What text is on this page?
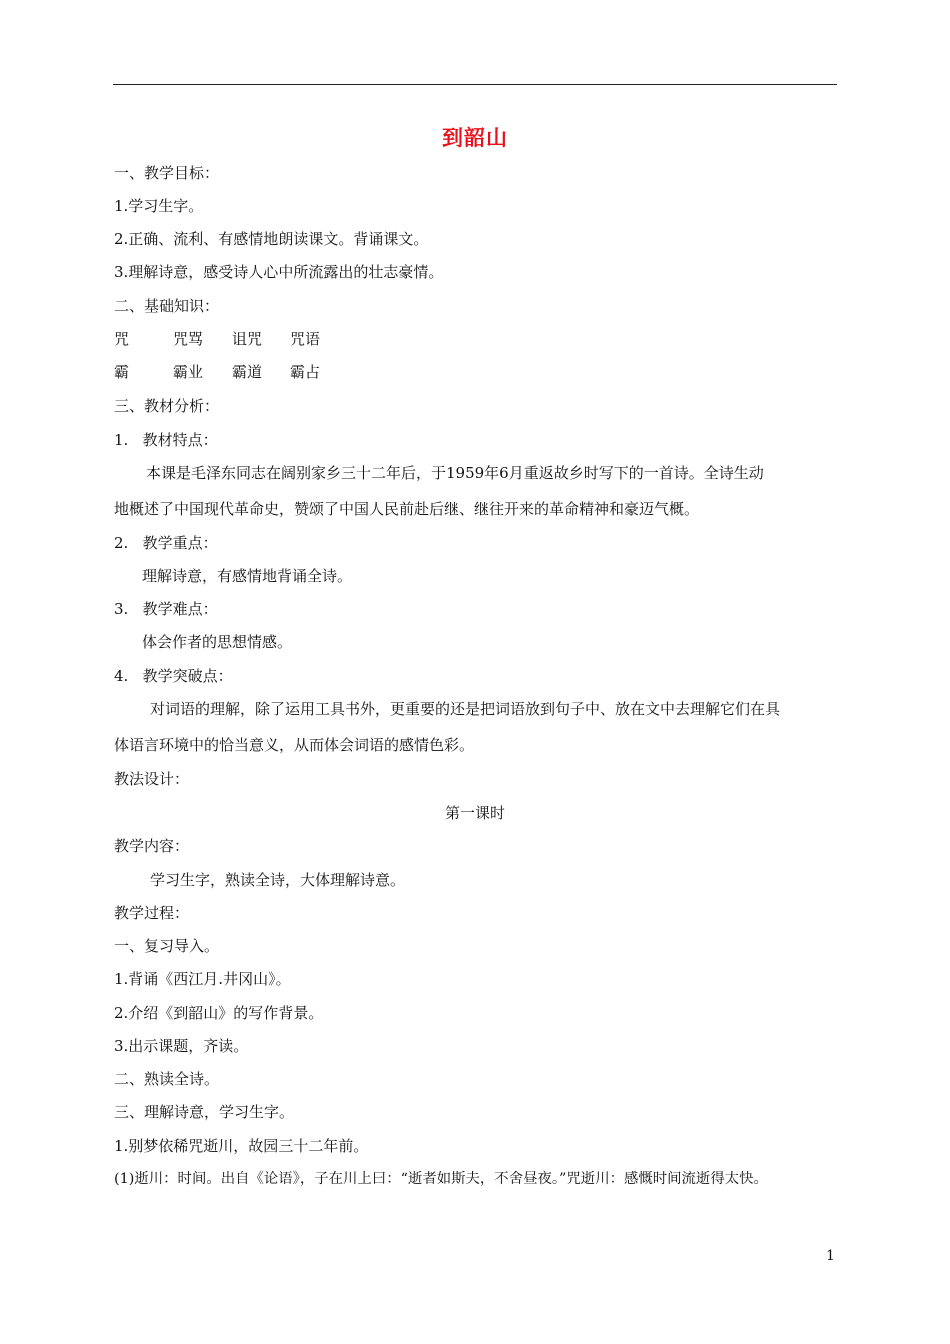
到韶山
一、教学目标：
1.学习生字。
2.正确、流利、有感情地朗读课文。背诵课文。
3.理解诗意，感受诗人心中所流露出的壮志豪情。
二、基础知识：
咒	咒骂 诅咒 咒语
霸	霸业 霸道 霸占
三、教材分析：
1.   教材特点：
本课是毛泽东同志在阔别家乡三十二年后，于1959年6月重返故乡时写下的一首诗。全诗生动
地概述了中国现代革命史，赞颂了中国人民前赴后继、继往开来的革命精神和豪迈气概。
2.   教学重点：
理解诗意，有感情地背诵全诗。
3.   教学难点：
体会作者的思想情感。
4.   教学突破点：
对词语的理解，除了运用工具书外，更重要的还是把词语放到句子中、放在文中去理解它们在具
体语言环境中的恰当意义，从而体会词语的感情色彩。
教法设计：
第一课时
教学内容：
学习生字，熟读全诗，大体理解诗意。
教学过程：
一、复习导入。
1.背诵《西江月.井冈山》。
2.介绍《到韶山》的写作背景。
3.出示课题，齐读。
二、熟读全诗。
三、理解诗意，学习生字。
1.别梦依稀咒逝川，故园三十二年前。
(1)逝川：时间。出自《论语》，子在川上曰：“逝者如斯夫，不舍昼夜。”咒逝川：感慨时间流逝得太快。
1
